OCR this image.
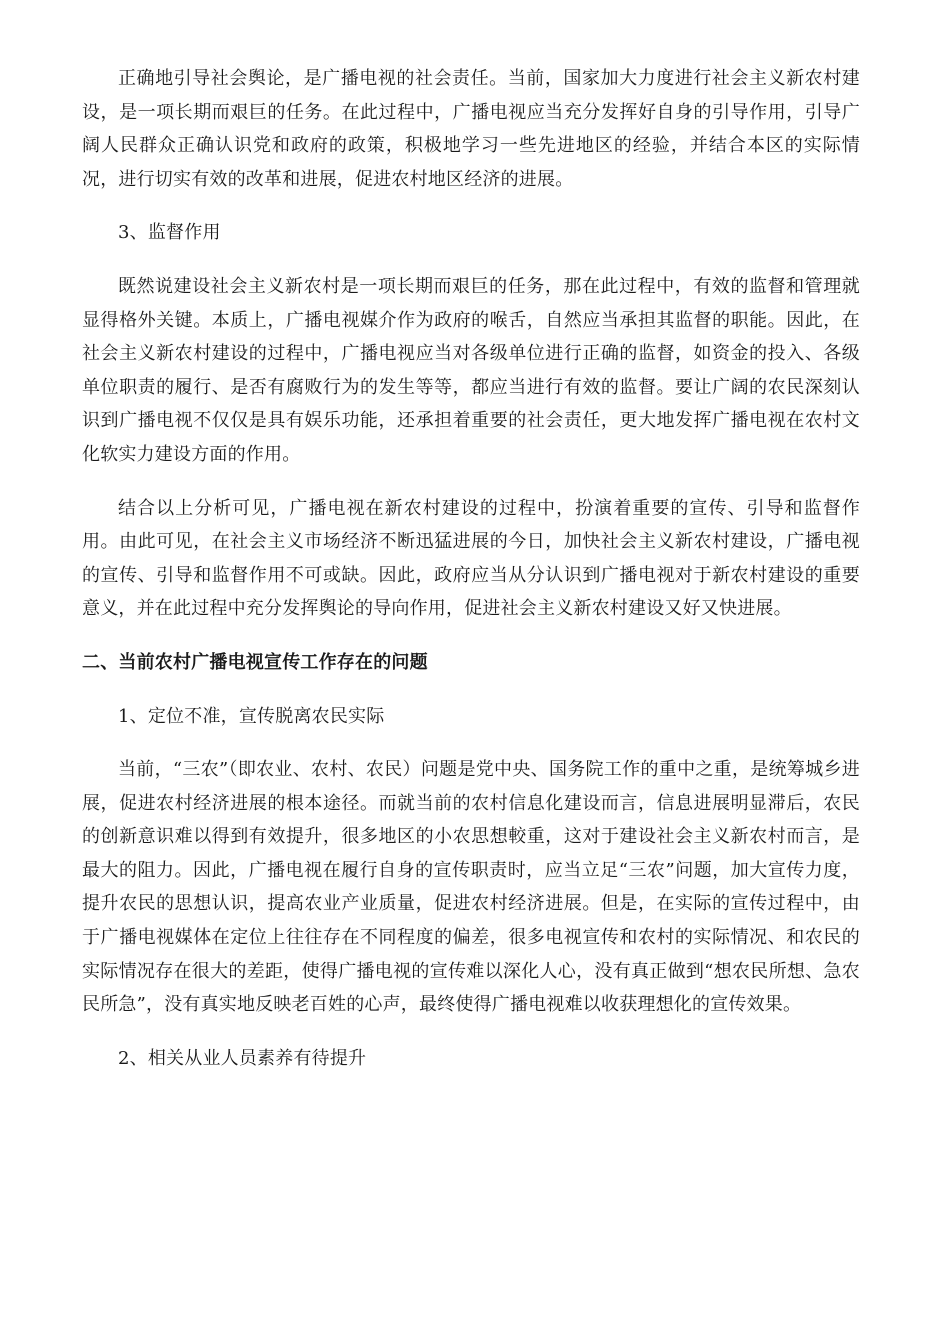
正确地引导社会舆论，是广播电视的社会责任。当前，国家加大力度进行社会主义新农村建设，是一项长期而艰巨的任务。在此过程中，广播电视应当充分发挥好自身的引导作用，引导广阔人民群众正确认识党和政府的政策，积极地学习一些先进地区的经验，并结合本区的实际情况，进行切实有效的改革和进展，促进农村地区经济的进展。

3、监督作用

既然说建设社会主义新农村是一项长期而艰巨的任务，那在此过程中，有效的监督和管理就显得格外关键。本质上，广播电视媒介作为政府的喉舌，自然应当承担其监督的职能。因此，在社会主义新农村建设的过程中，广播电视应当对各级单位进行正确的监督，如资金的投入、各级单位职责的履行、是否有腐败行为的发生等等，都应当进行有效的监督。要让广阔的农民深刻认识到广播电视不仅仅是具有娱乐功能，还承担着重要的社会责任，更大地发挥广播电视在农村文化软实力建设方面的作用。

结合以上分析可见，广播电视在新农村建设的过程中，扮演着重要的宣传、引导和监督作用。由此可见，在社会主义市场经济不断迅猛进展的今日，加快社会主义新农村建设，广播电视的宣传、引导和监督作用不可或缺。因此，政府应当从分认识到广播电视对于新农村建设的重要意义，并在此过程中充分发挥舆论的导向作用，促进社会主义新农村建设又好又快进展。

二、当前农村广播电视宣传工作存在的问题

1、定位不准，宣传脱离农民实际

当前，“三农”（即农业、农村、农民）问题是党中央、国务院工作的重中之重，是统筹城乡进展，促进农村经济进展的根本途径。而就当前的农村信息化建设而言，信息进展明显滞后，农民的创新意识难以得到有效提升，很多地区的小农思想較重，这对于建设社会主义新农村而言，是最大的阻力。因此，广播电视在履行自身的宣传职责时，应当立足“三农”问题，加大宣传力度，提升农民的思想认识，提高农业产业质量，促进农村经济进展。但是，在实际的宣传过程中，由于广播电视媒体在定位上往往存在不同程度的偏差，很多电视宣传和农村的实际情况、和农民的实际情况存在很大的差距，使得广播电视的宣传难以深化人心，没有真正做到“想农民所想、急农民所急”，没有真实地反映老百姓的心声，最终使得广播电视难以收获理想化的宣传效果。

2、相关从业人员素养有待提升
